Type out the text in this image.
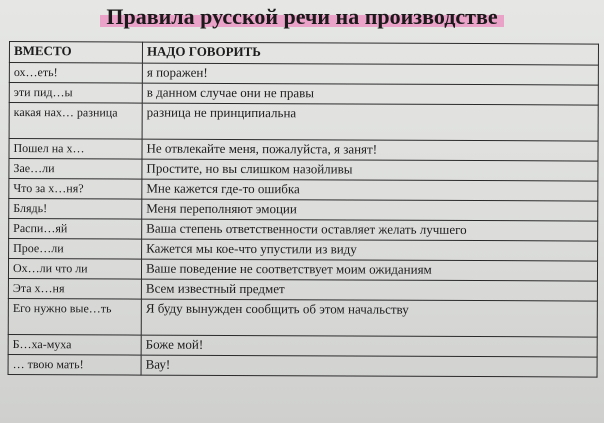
Правила русской речи на производстве
ВМЕСТО	НАДО ГОВОРИТЬ
ох…еть!	я поражен!
эти пид…ы	в данном случае они не правы
какая нах… разница	разница не принципиальна
Пошел на х…	Не отвлекайте меня, пожалуйста, я занят!
Зае…ли	Простите, но вы слишком назойливы
Что за х…ня?	Мне кажется где-то ошибка
Блядь!	Меня переполняют эмоции
Распи…яй	Ваша степень ответственности оставляет желать лучшего
Прое…ли	Кажется мы кое-что упустили из виду
Ох…ли что ли	Ваше поведение не соответствует моим ожиданиям
Эта х…ня	Всем известный предмет
Его нужно вые…ть	Я буду вынужден сообщить об этом начальству
Б…ха-муха	Боже мой!
… твою мать!	Вау!
